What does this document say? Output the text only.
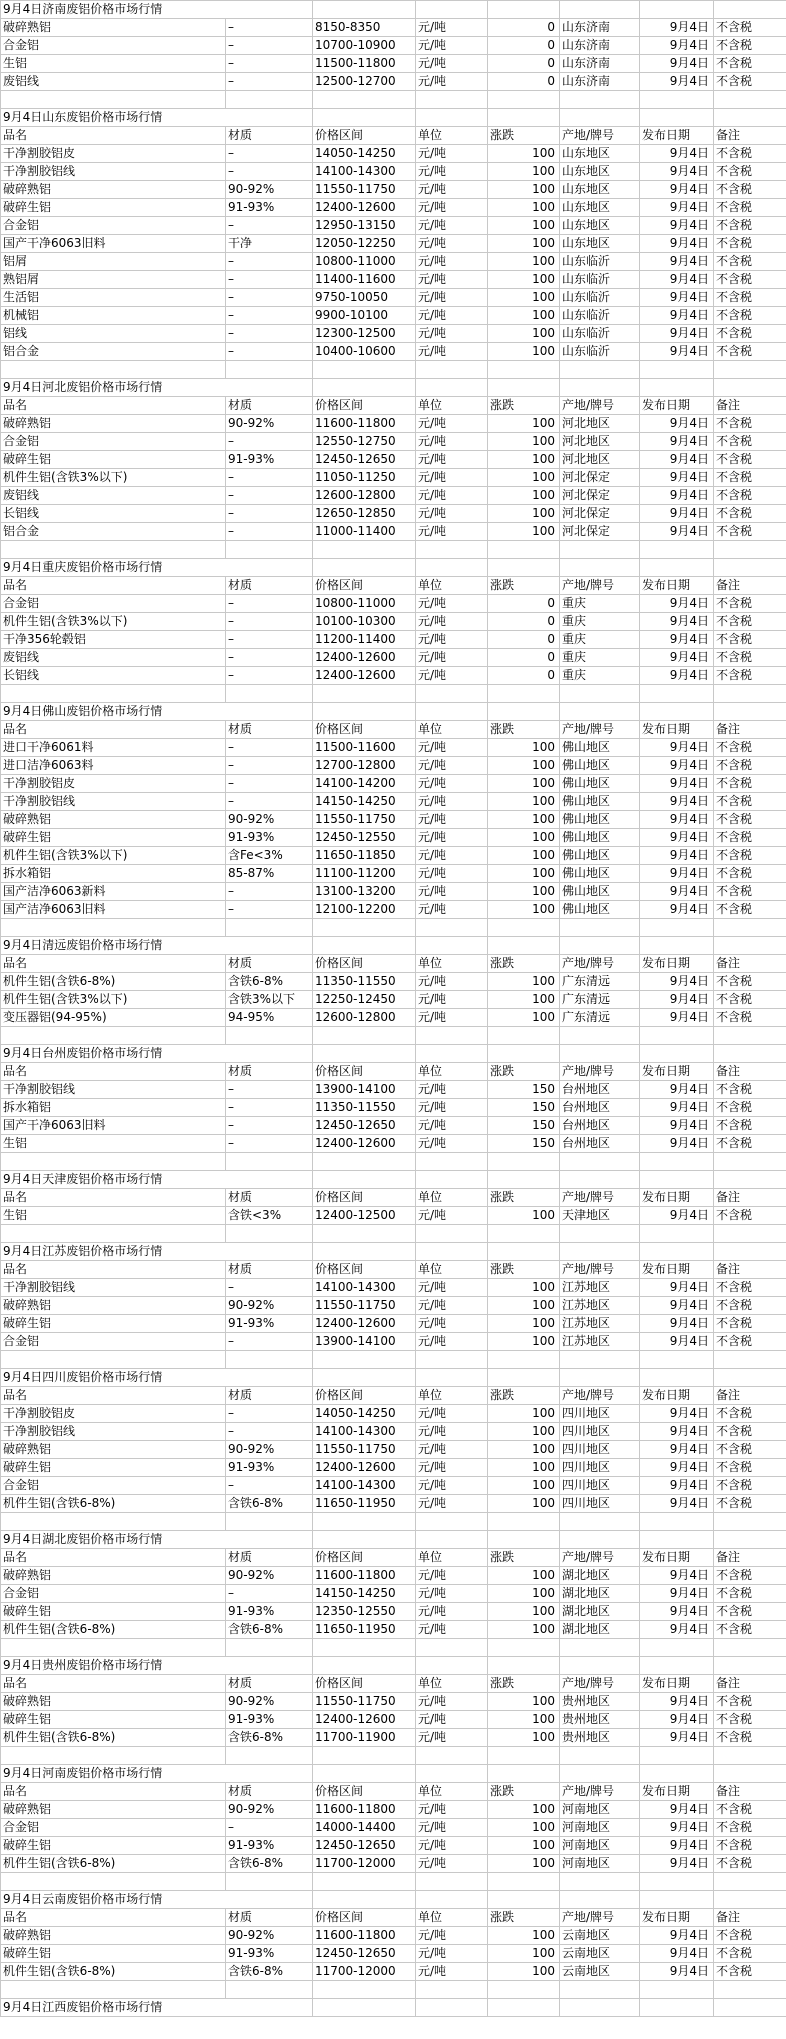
9月4日济南废铝价格市场行情							
破碎熟铝	–	8150-8350	元/吨	0	山东济南	9月4日	不含税
合金铝	–	10700-10900	元/吨	0	山东济南	9月4日	不含税
生铝	–	11500-11800	元/吨	0	山东济南	9月4日	不含税
废铝线	–	12500-12700	元/吨	0	山东济南	9月4日	不含税

9月4日山东废铝价格市场行情							
品名	材质	价格区间	单位	涨跌	产地/牌号	发布日期	备注
干净割胶铝皮	–	14050-14250	元/吨	100	山东地区	9月4日	不含税
干净割胶铝线	–	14100-14300	元/吨	100	山东地区	9月4日	不含税
破碎熟铝	90-92%	11550-11750	元/吨	100	山东地区	9月4日	不含税
破碎生铝	91-93%	12400-12600	元/吨	100	山东地区	9月4日	不含税
合金铝	–	12950-13150	元/吨	100	山东地区	9月4日	不含税
国产干净6063旧料	干净	12050-12250	元/吨	100	山东地区	9月4日	不含税
铝屑	–	10800-11000	元/吨	100	山东临沂	9月4日	不含税
熟铝屑	–	11400-11600	元/吨	100	山东临沂	9月4日	不含税
生活铝	–	9750-10050	元/吨	100	山东临沂	9月4日	不含税
机械铝	–	9900-10100	元/吨	100	山东临沂	9月4日	不含税
铝线	–	12300-12500	元/吨	100	山东临沂	9月4日	不含税
铝合金	–	10400-10600	元/吨	100	山东临沂	9月4日	不含税

9月4日河北废铝价格市场行情							
品名	材质	价格区间	单位	涨跌	产地/牌号	发布日期	备注
破碎熟铝	90-92%	11600-11800	元/吨	100	河北地区	9月4日	不含税
合金铝	–	12550-12750	元/吨	100	河北地区	9月4日	不含税
破碎生铝	91-93%	12450-12650	元/吨	100	河北地区	9月4日	不含税
机件生铝(含铁3%以下)	–	11050-11250	元/吨	100	河北保定	9月4日	不含税
废铝线	–	12600-12800	元/吨	100	河北保定	9月4日	不含税
长铝线	–	12650-12850	元/吨	100	河北保定	9月4日	不含税
铝合金	–	11000-11400	元/吨	100	河北保定	9月4日	不含税

9月4日重庆废铝价格市场行情							
品名	材质	价格区间	单位	涨跌	产地/牌号	发布日期	备注
合金铝	–	10800-11000	元/吨	0	重庆	9月4日	不含税
机件生铝(含铁3%以下)	–	10100-10300	元/吨	0	重庆	9月4日	不含税
干净356轮毂铝	–	11200-11400	元/吨	0	重庆	9月4日	不含税
废铝线	–	12400-12600	元/吨	0	重庆	9月4日	不含税
长铝线	–	12400-12600	元/吨	0	重庆	9月4日	不含税

9月4日佛山废铝价格市场行情							
品名	材质	价格区间	单位	涨跌	产地/牌号	发布日期	备注
进口干净6061料	–	11500-11600	元/吨	100	佛山地区	9月4日	不含税
进口洁净6063料	–	12700-12800	元/吨	100	佛山地区	9月4日	不含税
干净割胶铝皮	–	14100-14200	元/吨	100	佛山地区	9月4日	不含税
干净割胶铝线	–	14150-14250	元/吨	100	佛山地区	9月4日	不含税
破碎熟铝	90-92%	11550-11750	元/吨	100	佛山地区	9月4日	不含税
破碎生铝	91-93%	12450-12550	元/吨	100	佛山地区	9月4日	不含税
机件生铝(含铁3%以下)	含Fe<3%	11650-11850	元/吨	100	佛山地区	9月4日	不含税
拆水箱铝	85-87%	11100-11200	元/吨	100	佛山地区	9月4日	不含税
国产洁净6063新料	–	13100-13200	元/吨	100	佛山地区	9月4日	不含税
国产洁净6063旧料	–	12100-12200	元/吨	100	佛山地区	9月4日	不含税

9月4日清远废铝价格市场行情							
品名	材质	价格区间	单位	涨跌	产地/牌号	发布日期	备注
机件生铝(含铁6-8%)	含铁6-8%	11350-11550	元/吨	100	广东清远	9月4日	不含税
机件生铝(含铁3%以下)	含铁3%以下	12250-12450	元/吨	100	广东清远	9月4日	不含税
变压器铝(94-95%)	94-95%	12600-12800	元/吨	100	广东清远	9月4日	不含税

9月4日台州废铝价格市场行情							
品名	材质	价格区间	单位	涨跌	产地/牌号	发布日期	备注
干净割胶铝线	–	13900-14100	元/吨	150	台州地区	9月4日	不含税
拆水箱铝	–	11350-11550	元/吨	150	台州地区	9月4日	不含税
国产干净6063旧料	–	12450-12650	元/吨	150	台州地区	9月4日	不含税
生铝	–	12400-12600	元/吨	150	台州地区	9月4日	不含税

9月4日天津废铝价格市场行情							
品名	材质	价格区间	单位	涨跌	产地/牌号	发布日期	备注
生铝	含铁<3%	12400-12500	元/吨	100	天津地区	9月4日	不含税

9月4日江苏废铝价格市场行情							
品名	材质	价格区间	单位	涨跌	产地/牌号	发布日期	备注
干净割胶铝线	–	14100-14300	元/吨	100	江苏地区	9月4日	不含税
破碎熟铝	90-92%	11550-11750	元/吨	100	江苏地区	9月4日	不含税
破碎生铝	91-93%	12400-12600	元/吨	100	江苏地区	9月4日	不含税
合金铝	–	13900-14100	元/吨	100	江苏地区	9月4日	不含税

9月4日四川废铝价格市场行情							
品名	材质	价格区间	单位	涨跌	产地/牌号	发布日期	备注
干净割胶铝皮	–	14050-14250	元/吨	100	四川地区	9月4日	不含税
干净割胶铝线	–	14100-14300	元/吨	100	四川地区	9月4日	不含税
破碎熟铝	90-92%	11550-11750	元/吨	100	四川地区	9月4日	不含税
破碎生铝	91-93%	12400-12600	元/吨	100	四川地区	9月4日	不含税
合金铝	–	14100-14300	元/吨	100	四川地区	9月4日	不含税
机件生铝(含铁6-8%)	含铁6-8%	11650-11950	元/吨	100	四川地区	9月4日	不含税

9月4日湖北废铝价格市场行情							
品名	材质	价格区间	单位	涨跌	产地/牌号	发布日期	备注
破碎熟铝	90-92%	11600-11800	元/吨	100	湖北地区	9月4日	不含税
合金铝	–	14150-14250	元/吨	100	湖北地区	9月4日	不含税
破碎生铝	91-93%	12350-12550	元/吨	100	湖北地区	9月4日	不含税
机件生铝(含铁6-8%)	含铁6-8%	11650-11950	元/吨	100	湖北地区	9月4日	不含税

9月4日贵州废铝价格市场行情							
品名	材质	价格区间	单位	涨跌	产地/牌号	发布日期	备注
破碎熟铝	90-92%	11550-11750	元/吨	100	贵州地区	9月4日	不含税
破碎生铝	91-93%	12400-12600	元/吨	100	贵州地区	9月4日	不含税
机件生铝(含铁6-8%)	含铁6-8%	11700-11900	元/吨	100	贵州地区	9月4日	不含税

9月4日河南废铝价格市场行情							
品名	材质	价格区间	单位	涨跌	产地/牌号	发布日期	备注
破碎熟铝	90-92%	11600-11800	元/吨	100	河南地区	9月4日	不含税
合金铝	–	14000-14400	元/吨	100	河南地区	9月4日	不含税
破碎生铝	91-93%	12450-12650	元/吨	100	河南地区	9月4日	不含税
机件生铝(含铁6-8%)	含铁6-8%	11700-12000	元/吨	100	河南地区	9月4日	不含税

9月4日云南废铝价格市场行情							
品名	材质	价格区间	单位	涨跌	产地/牌号	发布日期	备注
破碎熟铝	90-92%	11600-11800	元/吨	100	云南地区	9月4日	不含税
破碎生铝	91-93%	12450-12650	元/吨	100	云南地区	9月4日	不含税
机件生铝(含铁6-8%)	含铁6-8%	11700-12000	元/吨	100	云南地区	9月4日	不含税

9月4日江西废铝价格市场行情							
